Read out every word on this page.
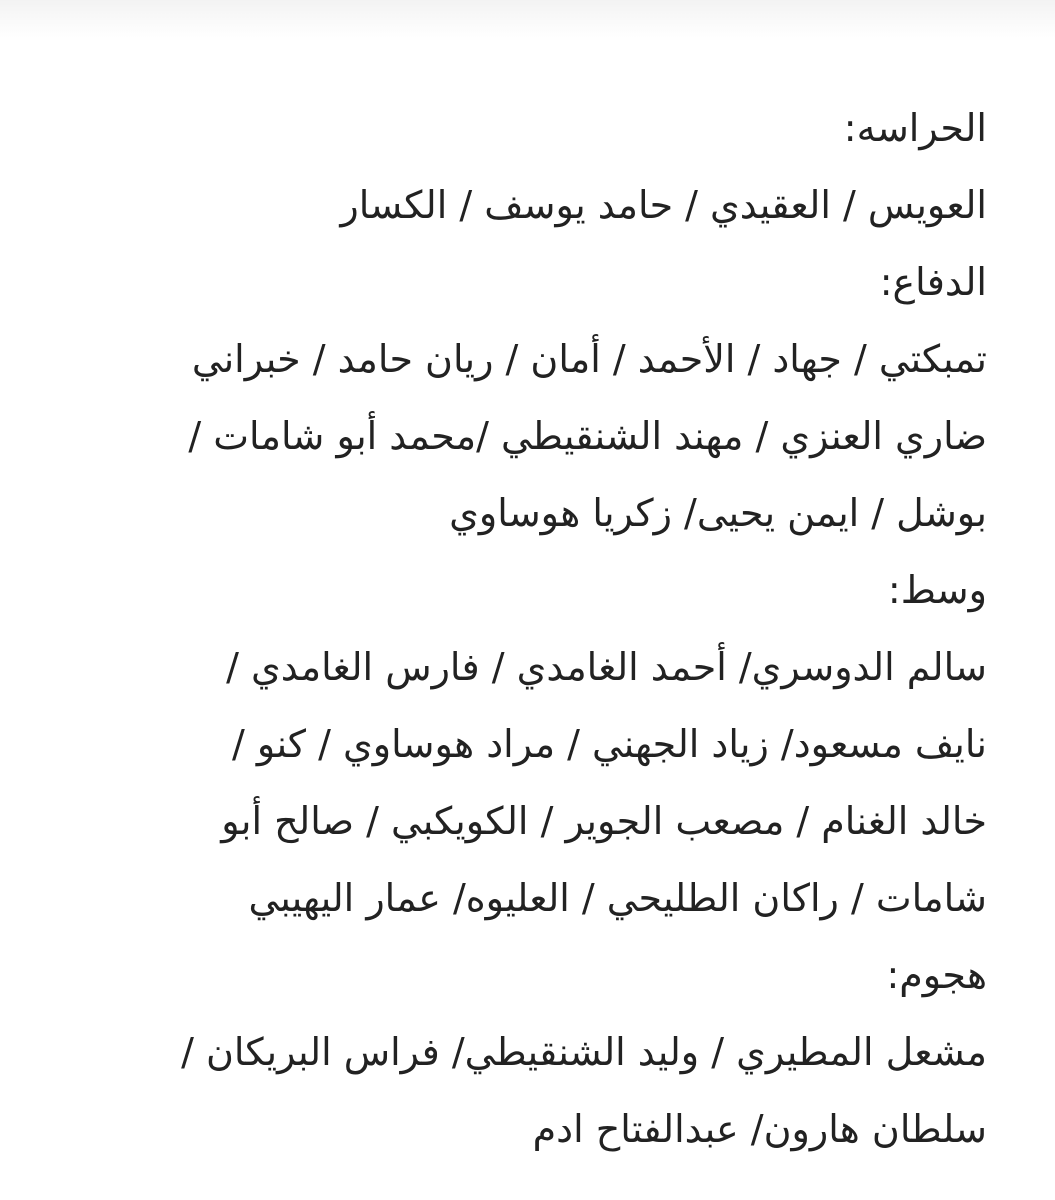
الحراسه:
العويس / العقيدي / حامد يوسف / الكسار
الدفاع:
تمبكتي / جهاد / الأحمد / أمان / ريان حامد / خبراني
ضاري العنزي / مهند الشنقيطي /محمد أبو شامات /
بوشل / ايمن يحيى/ زكريا هوساوي
وسط:
سالم الدوسري/ أحمد الغامدي / فارس الغامدي /
نايف مسعود/ زياد الجهني / مراد هوساوي / كنو /
خالد الغنام / مصعب الجوير / الكويكبي / صالح أبو
شامات / راكان الطليحي / العليوه/ عمار اليهيبي
هجوم:
مشعل المطيري / وليد الشنقيطي/ فراس البريكان /
سلطان هارون/ عبدالفتاح ادم
